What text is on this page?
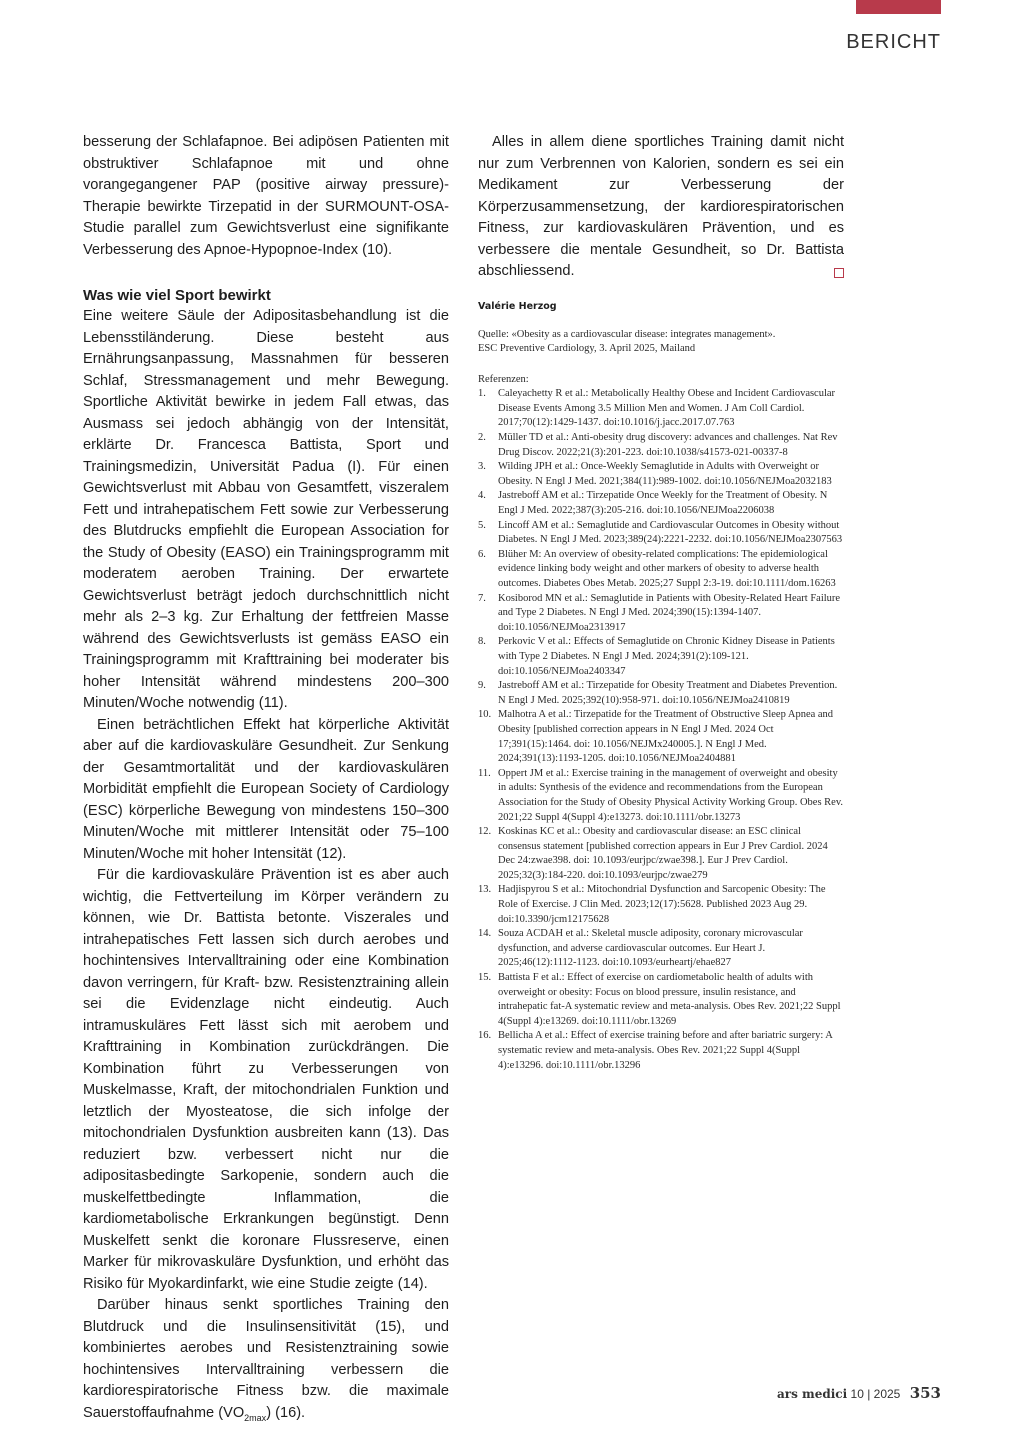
BERICHT

besserung der Schlafapnoe. Bei adipösen Patienten mit obstruktiver Schlafapnoe mit und ohne vorangegangener PAP (positive airway pressure)-Therapie bewirkte Tirzepatid in der SURMOUNT-OSA-Studie parallel zum Gewichtsverlust eine signifikante Verbesserung des Apnoe-Hypopnoe-Index (10).

Was wie viel Sport bewirkt

Eine weitere Säule der Adipositasbehandlung ist die Lebensstiländerung. Diese besteht aus Ernährungsanpassung, Massnahmen für besseren Schlaf, Stressmanagement und mehr Bewegung. Sportliche Aktivität bewirke in jedem Fall etwas, das Ausmass sei jedoch abhängig von der Intensität, erklärte Dr. Francesca Battista, Sport und Trainingsmedizin, Universität Padua (I). Für einen Gewichtsverlust mit Abbau von Gesamtfett, viszeralem Fett und intrahepatischem Fett sowie zur Verbesserung des Blutdrucks empfiehlt die European Association for the Study of Obesity (EASO) ein Trainingsprogramm mit moderatem aeroben Training. Der erwartete Gewichtsverlust beträgt jedoch durchschnittlich nicht mehr als 2–3 kg. Zur Erhaltung der fettfreien Masse während des Gewichtsverlusts ist gemäss EASO ein Trainingsprogramm mit Krafttraining bei moderater bis hoher Intensität während mindestens 200–300 Minuten/Woche notwendig (11).

Einen beträchtlichen Effekt hat körperliche Aktivität aber auf die kardiovaskuläre Gesundheit. Zur Senkung der Gesamtmortalität und der kardiovaskulären Morbidität empfiehlt die European Society of Cardiology (ESC) körperliche Bewegung von mindestens 150–300 Minuten/Woche mit mittlerer Intensität oder 75–100 Minuten/Woche mit hoher Intensität (12).

Für die kardiovaskuläre Prävention ist es aber auch wichtig, die Fettverteilung im Körper verändern zu können, wie Dr. Battista betonte. Viszerales und intrahepatisches Fett lassen sich durch aerobes und hochintensives Intervalltraining oder eine Kombination davon verringern, für Kraft- bzw. Resistenztraining allein sei die Evidenzlage nicht eindeutig. Auch intramuskuläres Fett lässt sich mit aerobem und Krafttraining in Kombination zurückdrängen. Die Kombination führt zu Verbesserungen von Muskelmasse, Kraft, der mitochondrialen Funktion und letztlich der Myosteatose, die sich infolge der mitochondrialen Dysfunktion ausbreiten kann (13). Das reduziert bzw. verbessert nicht nur die adipositasbedingte Sarkopenie, sondern auch die muskelfettbedingte Inflammation, die kardiometabolische Erkrankungen begünstigt. Denn Muskelfett senkt die koronare Flussreserve, einen Marker für mikrovaskuläre Dysfunktion, und erhöht das Risiko für Myokardinfarkt, wie eine Studie zeigte (14).

Darüber hinaus senkt sportliches Training den Blutdruck und die Insulinsensitivität (15), und kombiniertes aerobes und Resistenztraining sowie hochintensives Intervalltraining verbessern die kardiorespiratorische Fitness bzw. die maximale Sauerstoffaufnahme $(VO_{2max})$ (16).

Alles in allem diene sportliches Training damit nicht nur zum Verbrennen von Kalorien, sondern es sei ein Medikament zur Verbesserung der Körperzusammensetzung, der kardiorespiratorischen Fitness, zur kardiovaskulären Prävention, und es verbessere die mentale Gesundheit, so Dr. Battista abschliessend.

Valérie Herzog

Quelle: «Obesity as a cardiovascular disease: integrates management».
ESC Preventive Cardiology, 3. April 2025, Mailand
Referenzen:
1. Caleyachetty R et al.: Metabolically Healthy Obese and Incident Cardiovascular Disease Events Among 3.5 Million Men and Women. J Am Coll Cardiol. 2017;70(12):1429-1437. doi:10.1016/j.jacc.2017.07.763
2. Müller TD et al.: Anti-obesity drug discovery: advances and challenges. Nat Rev Drug Discov. 2022;21(3):201-223. doi:10.1038/s41573-021-00337-8
3. Wilding JPH et al.: Once-Weekly Semaglutide in Adults with Overweight or Obesity. N Engl J Med. 2021;384(11):989-1002. doi:10.1056/NEJMoa2032183
4. Jastreboff AM et al.: Tirzepatide Once Weekly for the Treatment of Obesity. N Engl J Med. 2022;387(3):205-216. doi:10.1056/NEJMoa2206038
5. Lincoff AM et al.: Semaglutide and Cardiovascular Outcomes in Obesity without Diabetes. N Engl J Med. 2023;389(24):2221-2232. doi:10.1056/NEJMoa2307563
6. Blüher M: An overview of obesity-related complications: The epidemiological evidence linking body weight and other markers of obesity to adverse health outcomes. Diabetes Obes Metab. 2025;27 Suppl 2:3-19. doi:10.1111/dom.16263
7. Kosiborod MN et al.: Semaglutide in Patients with Obesity-Related Heart Failure and Type 2 Diabetes. N Engl J Med. 2024;390(15):1394-1407. doi:10.1056/NEJMoa2313917
8. Perkovic V et al.: Effects of Semaglutide on Chronic Kidney Disease in Patients with Type 2 Diabetes. N Engl J Med. 2024;391(2):109-121. doi:10.1056/NEJMoa2403347
9. Jastreboff AM et al.: Tirzepatide for Obesity Treatment and Diabetes Prevention. N Engl J Med. 2025;392(10):958-971. doi:10.1056/NEJMoa2410819
10. Malhotra A et al.: Tirzepatide for the Treatment of Obstructive Sleep Apnea and Obesity [published correction appears in N Engl J Med. 2024 Oct 17;391(15):1464. doi: 10.1056/NEJMx240005.]. N Engl J Med. 2024;391(13):1193-1205. doi:10.1056/NEJMoa2404881
11. Oppert JM et al.: Exercise training in the management of overweight and obesity in adults: Synthesis of the evidence and recommendations from the European Association for the Study of Obesity Physical Activity Working Group. Obes Rev. 2021;22 Suppl 4(Suppl 4):e13273. doi:10.1111/obr.13273
12. Koskinas KC et al.: Obesity and cardiovascular disease: an ESC clinical consensus statement [published correction appears in Eur J Prev Cardiol. 2024 Dec 24:zwae398. doi: 10.1093/eurjpc/zwae398.]. Eur J Prev Cardiol. 2025;32(3):184-220. doi:10.1093/eurjpc/zwae279
13. Hadjispyrou S et al.: Mitochondrial Dysfunction and Sarcopenic Obesity: The Role of Exercise. J Clin Med. 2023;12(17):5628. Published 2023 Aug 29. doi:10.3390/jcm12175628
14. Souza ACDAH et al.: Skeletal muscle adiposity, coronary microvascular dysfunction, and adverse cardiovascular outcomes. Eur Heart J. 2025;46(12):1112-1123. doi:10.1093/eurheartj/ehae827
15. Battista F et al.: Effect of exercise on cardiometabolic health of adults with overweight or obesity: Focus on blood pressure, insulin resistance, and intrahepatic fat-A systematic review and meta-analysis. Obes Rev. 2021;22 Suppl 4(Suppl 4):e13269. doi:10.1111/obr.13269
16. Bellicha A et al.: Effect of exercise training before and after bariatric surgery: A systematic review and meta-analysis. Obes Rev. 2021;22 Suppl 4(Suppl 4):e13296. doi:10.1111/obr.13296
ars medici 10 | 2025 353
